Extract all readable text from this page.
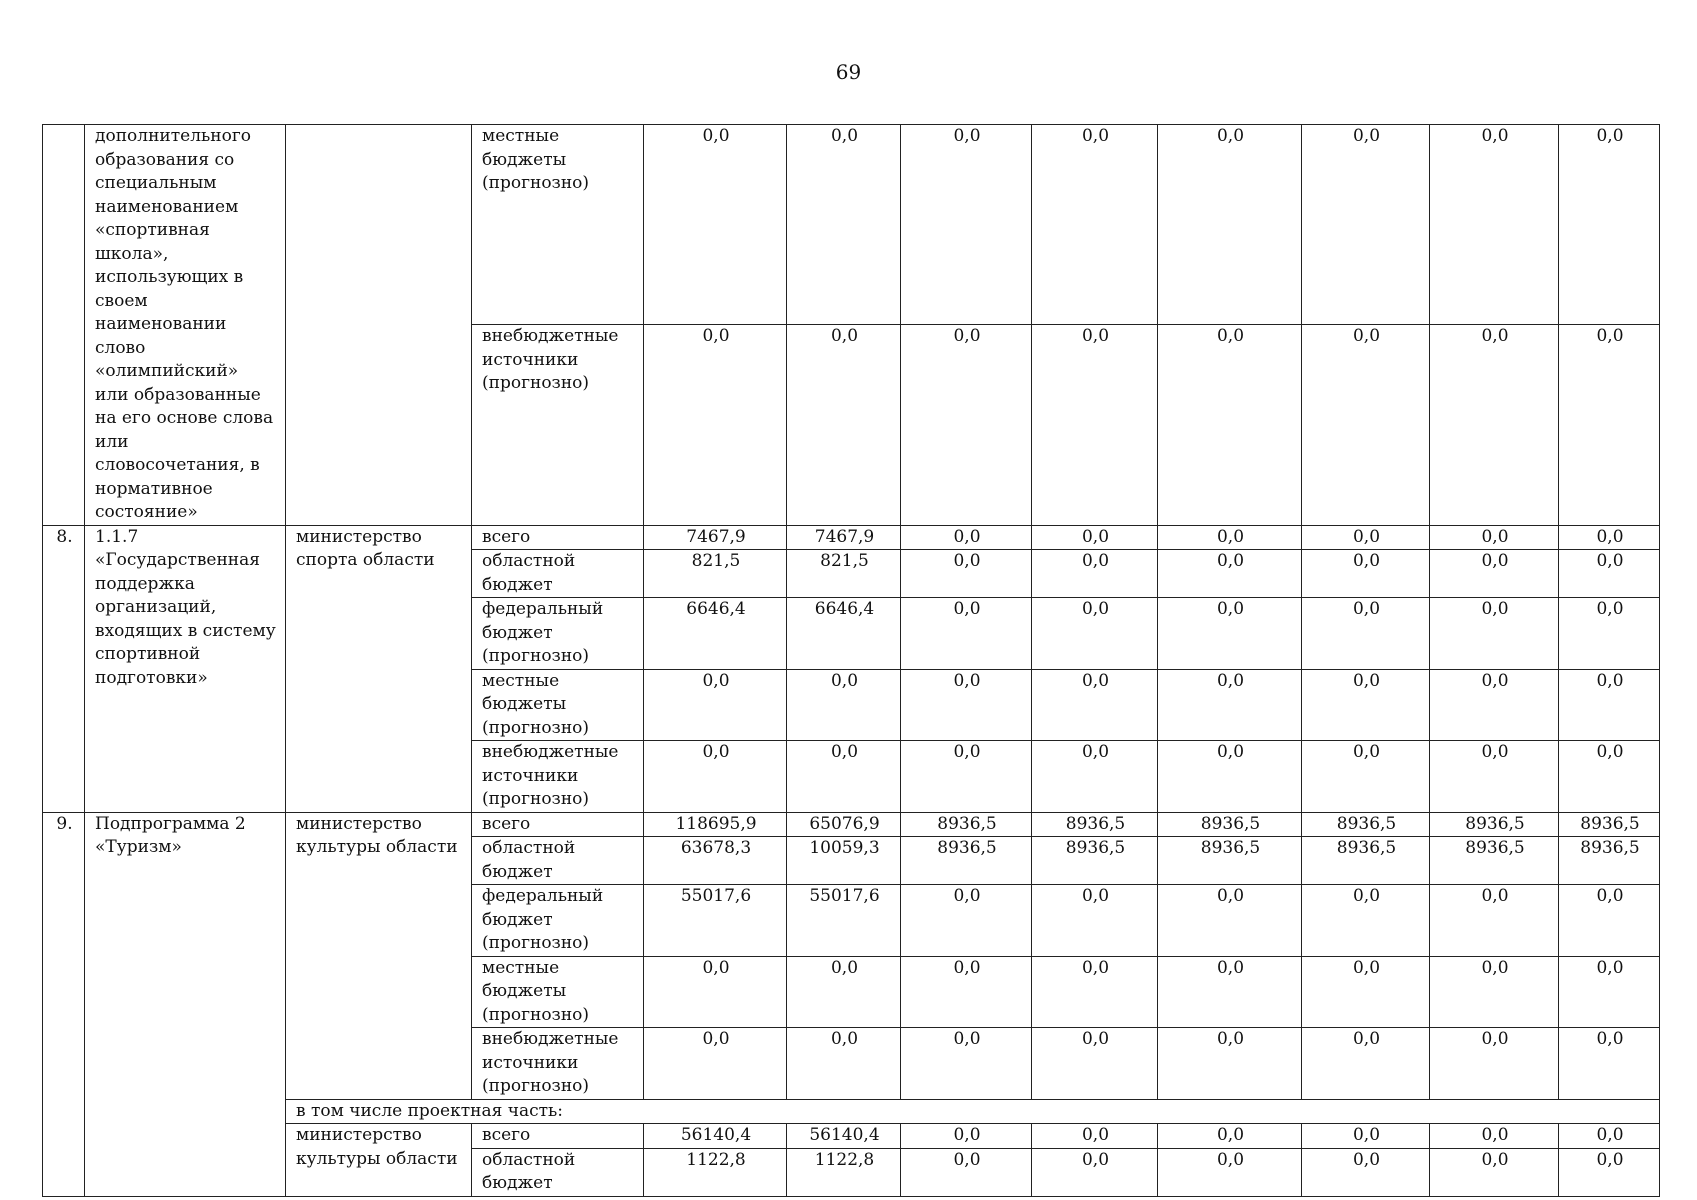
69
	дополнительного образования со специальным наименованием «спортивная школа», использующих в своем наименовании слово «олимпийский» или образованные на его основе слова или словосочетания, в нормативное состояние»		местные бюджеты (прогнозно)	0,0	0,0	0,0	0,0	0,0	0,0	0,0	0,0
			внебюджетные источники (прогнозно)	0,0	0,0	0,0	0,0	0,0	0,0	0,0	0,0
8.	1.1.7 «Государственная поддержка организаций, входящих в систему спортивной подготовки»	министерство спорта области	всего	7467,9	7467,9	0,0	0,0	0,0	0,0	0,0	0,0
			областной бюджет	821,5	821,5	0,0	0,0	0,0	0,0	0,0	0,0
			федеральный бюджет (прогнозно)	6646,4	6646,4	0,0	0,0	0,0	0,0	0,0	0,0
			местные бюджеты (прогнозно)	0,0	0,0	0,0	0,0	0,0	0,0	0,0	0,0
			внебюджетные источники (прогнозно)	0,0	0,0	0,0	0,0	0,0	0,0	0,0	0,0
9.	Подпрограмма 2 «Туризм»	министерство культуры области	всего	118695,9	65076,9	8936,5	8936,5	8936,5	8936,5	8936,5	8936,5
			областной бюджет	63678,3	10059,3	8936,5	8936,5	8936,5	8936,5	8936,5	8936,5
			федеральный бюджет (прогнозно)	55017,6	55017,6	0,0	0,0	0,0	0,0	0,0	0,0
			местные бюджеты (прогнозно)	0,0	0,0	0,0	0,0	0,0	0,0	0,0	0,0
			внебюджетные источники (прогнозно)	0,0	0,0	0,0	0,0	0,0	0,0	0,0	0,0
		в том числе проектная часть:									
		министерство культуры области	всего	56140,4	56140,4	0,0	0,0	0,0	0,0	0,0	0,0
			областной бюджет	1122,8	1122,8	0,0	0,0	0,0	0,0	0,0	0,0
